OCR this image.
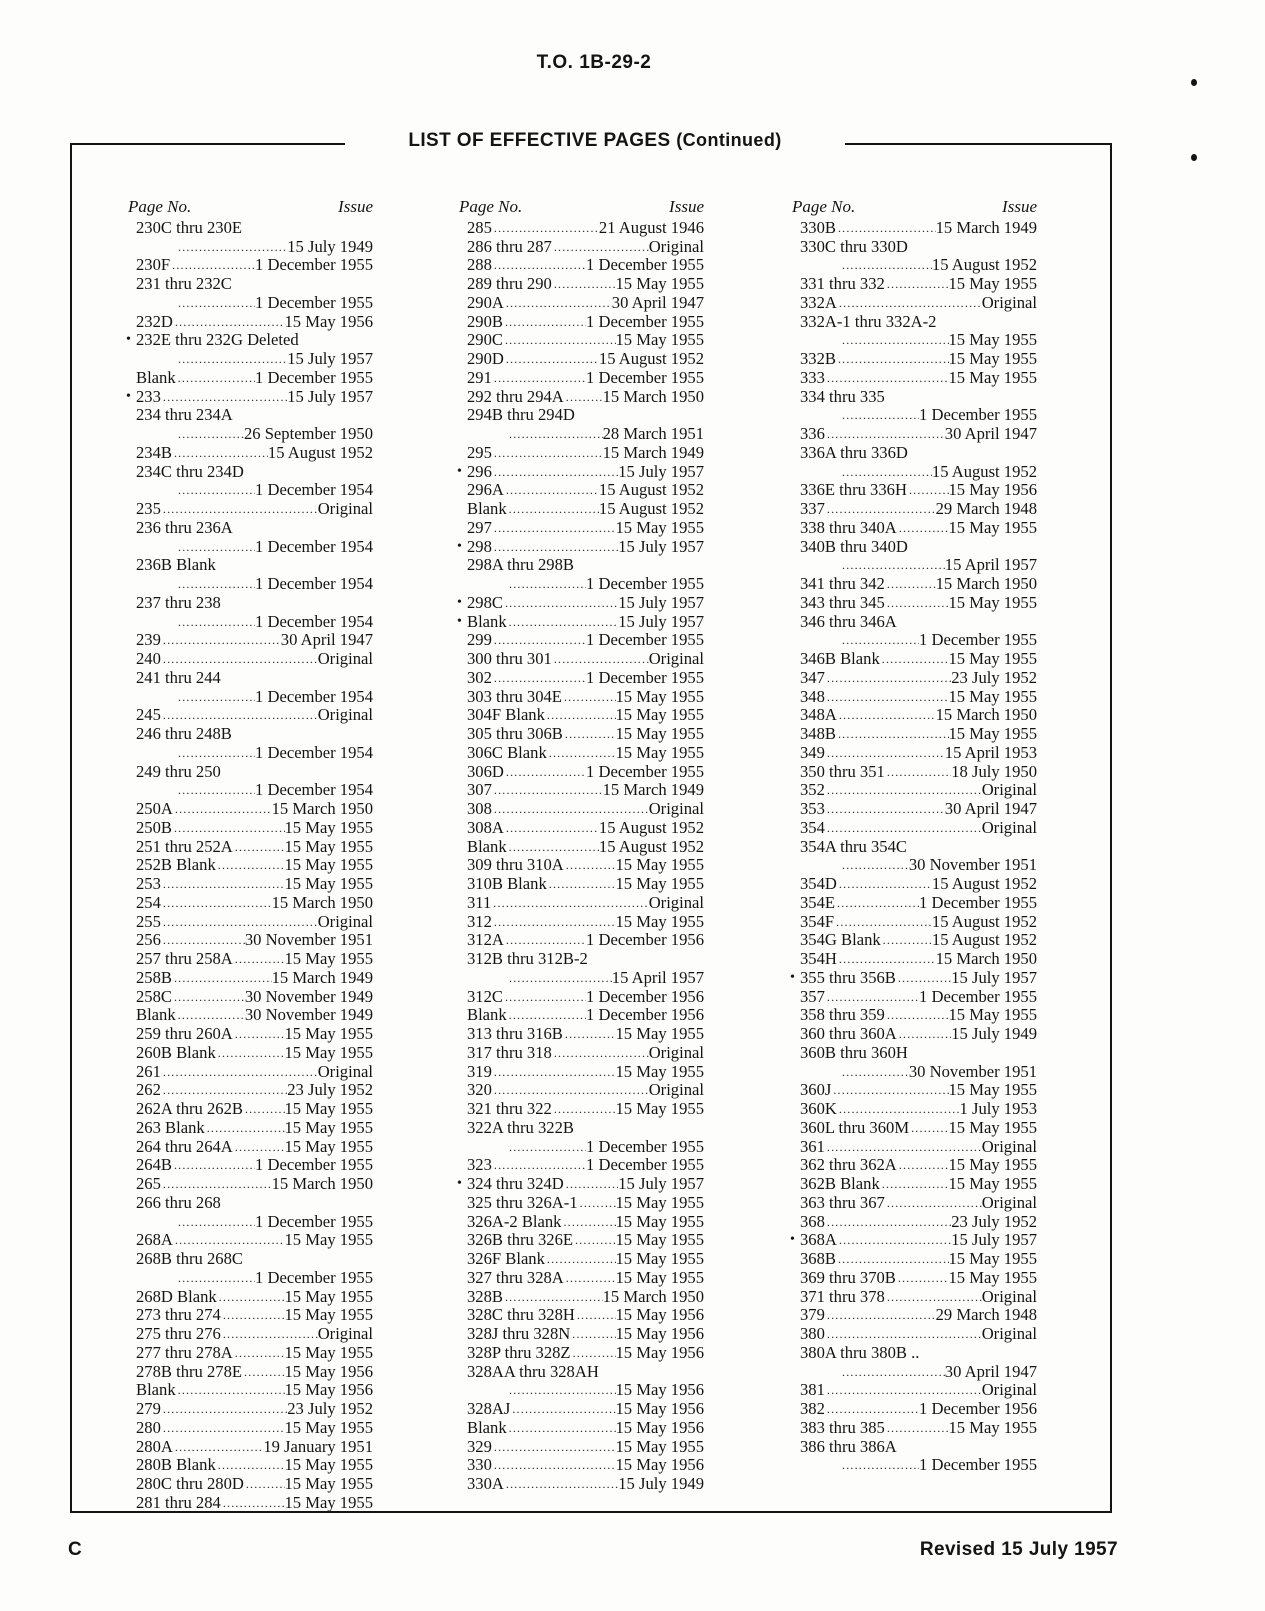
T.O. 1B-29-2
LIST OF EFFECTIVE PAGES (Continued)
Page No.	Issue
230C thru 230E
.....
15 July 1949
230F .....	1 December 1955
231 thru 232C
.....
1 December 1955
232D .....	15 May 1956
• 232E thru 232G Deleted
.....
15 July 1957
Blank .....	1 December 1955
• 233 .....	15 July 1957
234 thru 234A
.....
26 September 1950
234B .....	15 August 1952
234C thru 234D
.....
1 December 1954
235 .....	Original
236 thru 236A
.....
1 December 1954
236B Blank
.....
1 December 1954
237 thru 238
.....
1 December 1954
239 .....	30 April 1947
240 .....	Original
241 thru 244
.....
1 December 1954
245 .....	Original
246 thru 248B
.....
1 December 1954
249 thru 250
.....
1 December 1954
250A .....	15 March 1950
250B .....	15 May 1955
251 thru 252A .....	15 May 1955
252B Blank .....	15 May 1955
253 .....	15 May 1955
254 .....	15 March 1950
255 .....	Original
256 .....	30 November 1951
257 thru 258A .....	15 May 1955
258B .....	15 March 1949
258C .....	30 November 1949
Blank .....	30 November 1949
259 thru 260A .....	15 May 1955
260B Blank .....	15 May 1955
261 .....	Original
262 .....	23 July 1952
262A thru 262B .....	15 May 1955
263 Blank .....	15 May 1955
264 thru 264A .....	15 May 1955
264B .....	1 December 1955
265 .....	15 March 1950
266 thru 268
.....
1 December 1955
268A .....	15 May 1955
268B thru 268C
.....
1 December 1955
268D Blank .....	15 May 1955
273 thru 274 .....	15 May 1955
275 thru 276 .....	Original
277 thru 278A .....	15 May 1955
278B thru 278E .....	15 May 1956
Blank .....	15 May 1956
279 .....	23 July 1952
280 .....	15 May 1955
280A .....	19 January 1951
280B Blank .....	15 May 1955
280C thru 280D ..... 15 May 1955
281 thru 284 .....	15 May 1955
Page No.	Issue
285 .....	21 August 1946
286 thru 287 .....	Original
288 .....	1 December 1955
289 thru 290 .....	15 May 1955
290A .....	30 April 1947
290B .....	1 December 1955
290C .....	15 May 1955
290D .....	15 August 1952
291 .....	1 December 1955
292 thru 294A ..... 15 March 1950
294B thru 294D
.....
28 March 1951
295 .....	15 March 1949
• 296 .....	15 July 1957
296A .....	15 August 1952
Blank .....	15 August 1952
297 .....	15 May 1955
• 298 .....	15 July 1957
298A thru 298B
.....
1 December 1955
• 298C .....	15 July 1957
• Blank .....	15 July 1957
299 .....	1 December 1955
300 thru 301 .....	Original
302 .....	1 December 1955
303 thru 304E .....	15 May 1955
304F Blank .....	15 May 1955
305 thru 306B .....	15 May 1955
306C Blank .....	15 May 1955
306D .....	1 December 1955
307 .....	15 March 1949
308 .....	Original
308A .....	15 August 1952
Blank .....	15 August 1952
309 thru 310A .....	15 May 1955
310B Blank .....	15 May 1955
311 .....	Original
312 .....	15 May 1955
312A .....	1 December 1956
312B thru 312B-2
.....
15 April 1957
312C .....	1 December 1956
Blank .....	1 December 1956
313 thru 316B .....	15 May 1955
317 thru 318 .....	Original
319 .....	15 May 1955
320 .....	Original
321 thru 322 .....	15 May 1955
322A thru 322B
.....
1 December 1955
323 .....	1 December 1955
• 324 thru 324D .....	15 July 1957
325 thru 326A-1 ..... 15 May 1955
326A-2 Blank .....	15 May 1955
326B thru 326E .....	15 May 1955
326F Blank .....	15 May 1955
327 thru 328A .....	15 May 1955
328B .....	15 March 1950
328C thru 328H ..... 15 May 1956
328J thru 328N .....	15 May 1956
328P thru 328Z .....	15 May 1956
328AA thru 328AH
.....
15 May 1956
328AJ .....	15 May 1956
Blank .....	15 May 1956
329 .....	15 May 1955
330 .....	15 May 1956
330A .....	15 July 1949
Page No.	Issue
330B .....	15 March 1949
330C thru 330D
.....
15 August 1952
331 thru 332 .....	15 May 1955
332A .....	Original
332A-1 thru 332A-2
.....
15 May 1955
332B .....	15 May 1955
333 .....	15 May 1955
334 thru 335
.....
1 December 1955
336 .....	30 April 1947
336A thru 336D
.....
15 August 1952
336E thru 336H .....	15 May 1956
337 .....	29 March 1948
338 thru 340A .....	15 May 1955
340B thru 340D
.....
15 April 1957
341 thru 342 .....	15 March 1950
343 thru 345 .....	15 May 1955
346 thru 346A
.....
1 December 1955
346B Blank .....	15 May 1955
347 .....	23 July 1952
348 .....	15 May 1955
348A .....	15 March 1950
348B .....	15 May 1955
349 .....	15 April 1953
350 thru 351 .....	18 July 1950
352 .....	Original
353 .....	30 April 1947
354 .....	Original
354A thru 354C
.....
30 November 1951
354D .....	15 August 1952
354E .....	1 December 1955
354F .....	15 August 1952
354G Blank .....	15 August 1952
354H .....	15 March 1950
• 355 thru 356B .....	15 July 1957
357 .....	1 December 1955
358 thru 359 .....	15 May 1955
360 thru 360A .....	15 July 1949
360B thru 360H
.....
30 November 1951
360J .....	15 May 1955
360K .....	1 July 1953
360L thru 360M ..... 15 May 1955
361 .....	Original
362 thru 362A .....	15 May 1955
362B Blank .....	15 May 1955
363 thru 367 .....	Original
368 .....	23 July 1952
• 368A .....	15 July 1957
368B .....	15 May 1955
369 thru 370B .....	15 May 1955
371 thru 378 .....	Original
379 .....	29 March 1948
380 .....	Original
380A thru 380B ..
.....
30 April 1947
381 .....	Original
382 .....	1 December 1956
383 thru 385 .....	15 May 1955
386 thru 386A
.....
1 December 1955
C	Revised 15 July 1957
